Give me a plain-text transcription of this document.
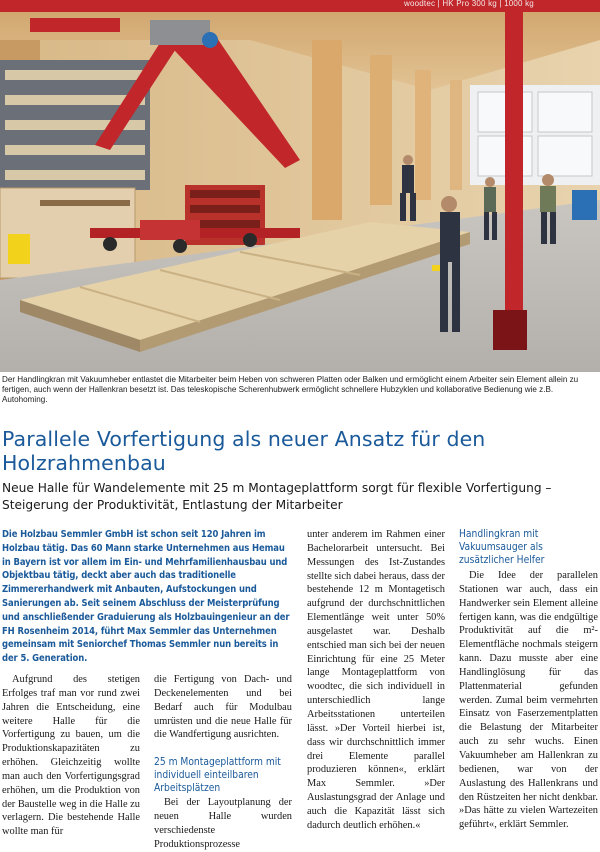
woodtec | HK Pro 300 kg | 1000 kg
Der Handlingkran mit Vakuumheber entlastet die Mitarbeiter beim Heben von schweren Platten oder Balken und ermöglicht einem Arbeiter sein Element allein zu fertigen, auch wenn der Hallenkran besetzt ist. Das teleskopische Scherenhubwerk ermöglicht schnellere Hubzyklen und kollaborative Bedienung wie z.B. Autohoming.
Parallele Vorfertigung als neuer Ansatz für den Holzrahmenbau

Neue Halle für Wandelemente mit 25 m Montageplattform sorgt für flexible Vorfertigung – Steigerung der Produktivität, Entlastung der Mitarbeiter

Die Holzbau Semmler GmbH ist schon seit 120 Jahren im Holzbau tätig. Das 60 Mann starke Unternehmen aus Hemau in Bayern ist vor allem im Ein- und Mehrfamilienhausbau und Objektbau tätig, deckt aber auch das traditionelle Zimmererhandwerk mit Anbauten, Aufstockungen und Sanierungen ab. Seit seinem Abschluss der Meisterprüfung und anschließender Graduierung als Holzbauingenieur an der FH Rosenheim 2014, führt Max Semmler das Unternehmen gemeinsam mit Seniorchef Thomas Semmler nun bereits in der 5. Generation.

Aufgrund des stetigen Erfolges traf man vor rund zwei Jahren die Entscheidung, eine weitere Halle für die Vorfertigung zu bauen, um die Produktionskapazitäten zu erhöhen. Gleichzeitig wollte man auch den Vorfertigungsgrad erhöhen, um die Produktion von der Baustelle weg in die Halle zu verlagern. Die bestehende Halle wollte man für

die Fertigung von Dach- und Deckenelementen und bei Bedarf auch für Modulbau umrüsten und die neue Halle für die Wandfertigung ausrichten.

25 m Montageplattform mit individuell einteilbaren Arbeitsplätzen

Bei der Layoutplanung der neuen Halle wurden verschiedenste Produktionsprozesse

unter anderem im Rahmen einer Bachelorarbeit untersucht. Bei Messungen des Ist-Zustandes stellte sich dabei heraus, dass der bestehende 12 m Montagetisch aufgrund der durchschnittlichen Elementlänge weit unter 50% ausgelastet war. Deshalb entschied man sich bei der neuen Einrichtung für eine 25 Meter lange Montageplattform von woodtec, die sich individuell in unterschiedlich lange Arbeitsstationen unterteilen lässt. »Der Vorteil hierbei ist, dass wir durchschnittlich immer drei Elemente parallel produzieren können«, erklärt Max Semmler. »Der Auslastungsgrad der Anlage und auch die Kapazität lässt sich dadurch deutlich erhöhen.«

Handlingkran mit Vakuumsauger als zusätzlicher Helfer

Die Idee der parallelen Stationen war auch, dass ein Handwerker sein Element alleine fertigen kann, was die endgültige Produktivität auf die m²-Elementfläche nochmals steigern kann. Dazu musste aber eine Handlinglösung für das Plattenmaterial gefunden werden. Zumal beim vermehrten Einsatz von Faserzementplatten die Belastung der Mitarbeiter auch zu sehr wuchs. Einen Vakuumheber am Hallenkran zu bedienen, war von der Auslastung des Hallenkrans und den Rüstzeiten her nicht denkbar. »Das hätte zu vielen Wartezeiten geführt«, erklärt Semmler.
